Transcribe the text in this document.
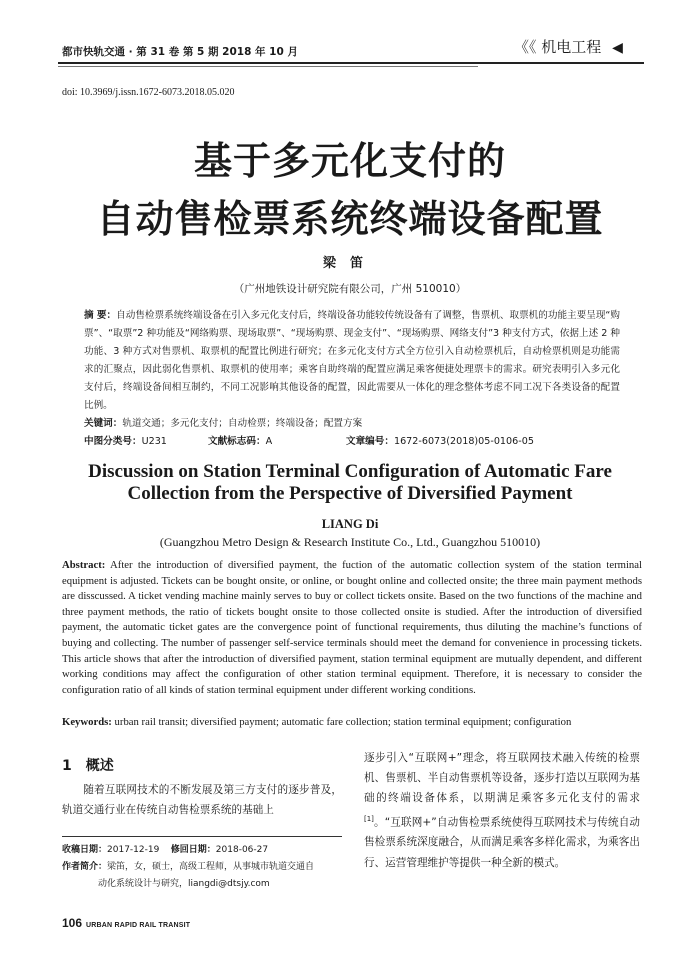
都市快轨交通 · 第 31 卷 第 5 期 2018 年 10 月	《《 机电工程 ◀
doi: 10.3969/j.issn.1672-6073.2018.05.020
基于多元化支付的
自动售检票系统终端设备配置
梁笛
（广州地铁设计研究院有限公司，广州 510010）
摘 要：自动售检票系统终端设备在引入多元化支付后，终端设备功能较传统设备有了调整，售票机、取票机的功能主要呈现“购票”、“取票”2 种功能及“网络购票、现场取票”、“现场购票、现金支付”、“现场购票、网络支付”3 种支付方式，依据上述 2 种功能、3 种方式对售票机、取票机的配置比例进行研究；在多元化支付方式全方位引入自动检票机后，自动检票机则是功能需求的汇聚点，因此弱化售票机、取票机的使用率；乘客自助终端的配置应满足乘客便捷处理票卡的需求。研究表明引入多元化支付后，终端设备间相互制约，不同工况影响其他设备的配置，因此需要从一体化的理念整体考虑不同工况下各类设备的配置比例。
关键词：轨道交通；多元化支付；自动检票；终端设备；配置方案
中图分类号：U231	文献标志码：A	文章编号：1672-6073(2018)05-0106-05
Discussion on Station Terminal Configuration of Automatic Fare
Collection from the Perspective of Diversified Payment
LIANG Di
(Guangzhou Metro Design & Research Institute Co., Ltd., Guangzhou 510010)
Abstract: After the introduction of diversified payment, the fuction of the automatic collection system of the station terminal equipment is adjusted. Tickets can be bought onsite, or online, or bought online and collected onsite; the three main payment methods are disscussed. A ticket vending machine mainly serves to buy or collect tickets onsite. Based on the two functions of the machine and three payment methods, the ratio of tickets bought onsite to those collected onsite is studied. After the introduction of diversified payment, the automatic ticket gates are the convergence point of functional requirements, thus diluting the machine’s functions of buying and collecting. The number of passenger self-service terminals should meet the demand for convenience in processing tickets. This article shows that after the introduction of diversified payment, station terminal equipment are mutually dependent, and different working conditions may affect the configuration of other station terminal equipment. Therefore, it is necessary to consider the configuration ratio of all kinds of station terminal equipment under different working conditions.
Keywords: urban rail transit; diversified payment; automatic fare collection; station terminal equipment; configuration
1 概述
随着互联网技术的不断发展及第三方支付的逐步普及，轨道交通行业在传统自动售检票系统的基础上
收稿日期：2017-12-19 修回日期：2018-06-27
作者简介：梁笛，女，硕士，高级工程师，从事城市轨道交通自
动化系统设计与研究，liangdi@dtsjy.com
逐步引入“互联网+”理念，将互联网技术融入传统的检票机、售票机、半自动售票机等设备，逐步打造以互联网为基础的终端设备体系，以期满足乘客多元化支付的需求[1]。“互联网+”自动售检票系统使得互联网技术与传统自动售检票系统深度融合，从而满足乘客多样化需求，为乘客出行、运营管理维护等提供一种全新的模式。
106 URBAN RAPID RAIL TRANSIT
